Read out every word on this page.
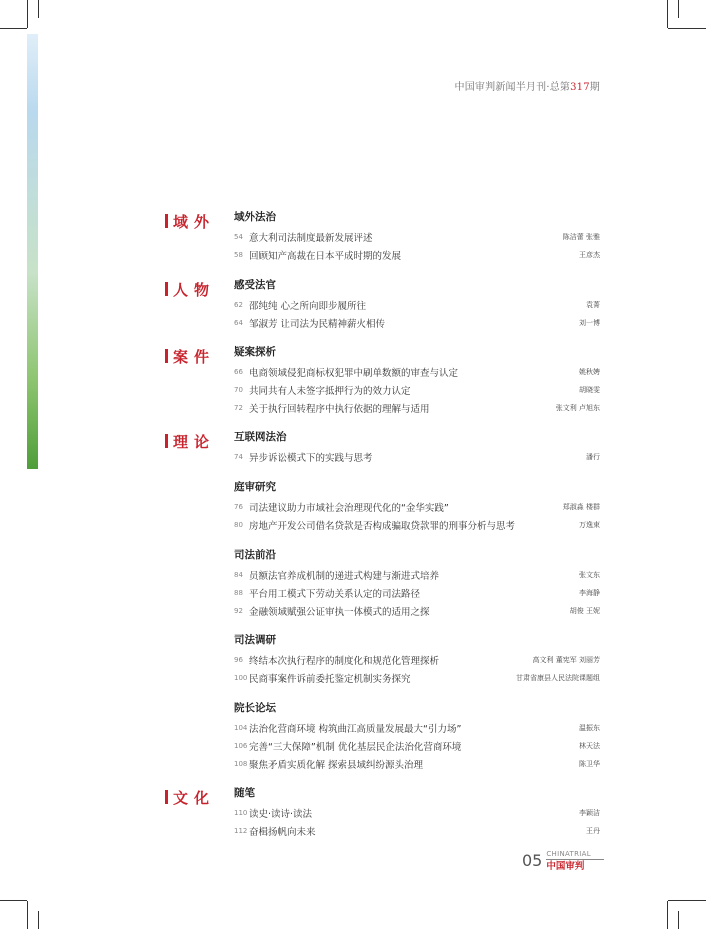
中国审判新闻半月刊·总第317期
域外
人物
案件
理论
文化
域外法治
54 意大利司法制度最新发展评述	陈洁蕾 张雅
58 回顾知产高裁在日本平成时期的发展	王彦杰
感受法官
62 邵纯纯 心之所向即步履所往	袁菁
64 邹淑芳 让司法为民精神薪火相传	刘一博
疑案探析
66 电商领域侵犯商标权犯罪中刷单数额的审查与认定	姚秋娉
70 共同共有人未签字抵押行为的效力认定	胡晓雯
72 关于执行回转程序中执行依据的理解与适用	张文利 卢旭东
互联网法治
74 异步诉讼模式下的实践与思考	潘行
庭审研究
76 司法建议助力市域社会治理现代化的“金华实践”	郑淑淼 楼群
80 房地产开发公司借名贷款是否构成骗取贷款罪的刑事分析与思考	万逸束
司法前沿
84 员额法官养成机制的递进式构建与渐进式培养	张文东
88 平台用工模式下劳动关系认定的司法路径	李海静
92 金融领域赋强公证审执一体模式的适用之探	胡俊 王妮
司法调研
96 终结本次执行程序的制度化和规范化管理探析	高文利 董宪军 刘丽芳
100 民商事案件诉前委托鉴定机制实务探究	甘肃省康县人民法院课题组
院长论坛
104 法治化营商环境 构筑曲江高质量发展最大“引力场”	温振东
106 完善“三大保障”机制 优化基层民企法治化营商环境	林天法
108 聚焦矛盾实质化解 探索县域纠纷源头治理	陈卫华
随笔
110 读史·读诗·读法	李颖洁
112 奋楫扬帆向未来	王丹
05 CHINATRIAL
中国审判
